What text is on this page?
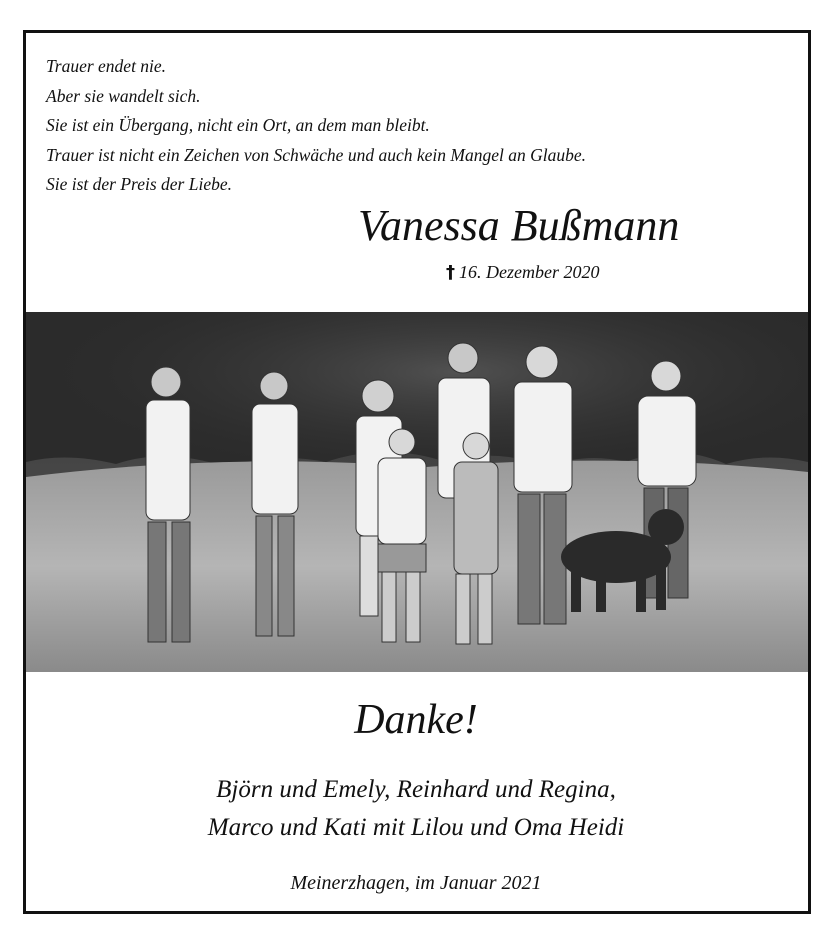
Trauer endet nie.
Aber sie wandelt sich.
Sie ist ein Übergang, nicht ein Ort, an dem man bleibt.
Trauer ist nicht ein Zeichen von Schwäche und auch kein Mangel an Glaube.
Sie ist der Preis der Liebe.
Vanessa Bußmann
† 16. Dezember 2020
Danke!
Björn und Emely, Reinhard und Regina,
Marco und Kati mit Lilou und Oma Heidi
Meinerzhagen, im Januar 2021
